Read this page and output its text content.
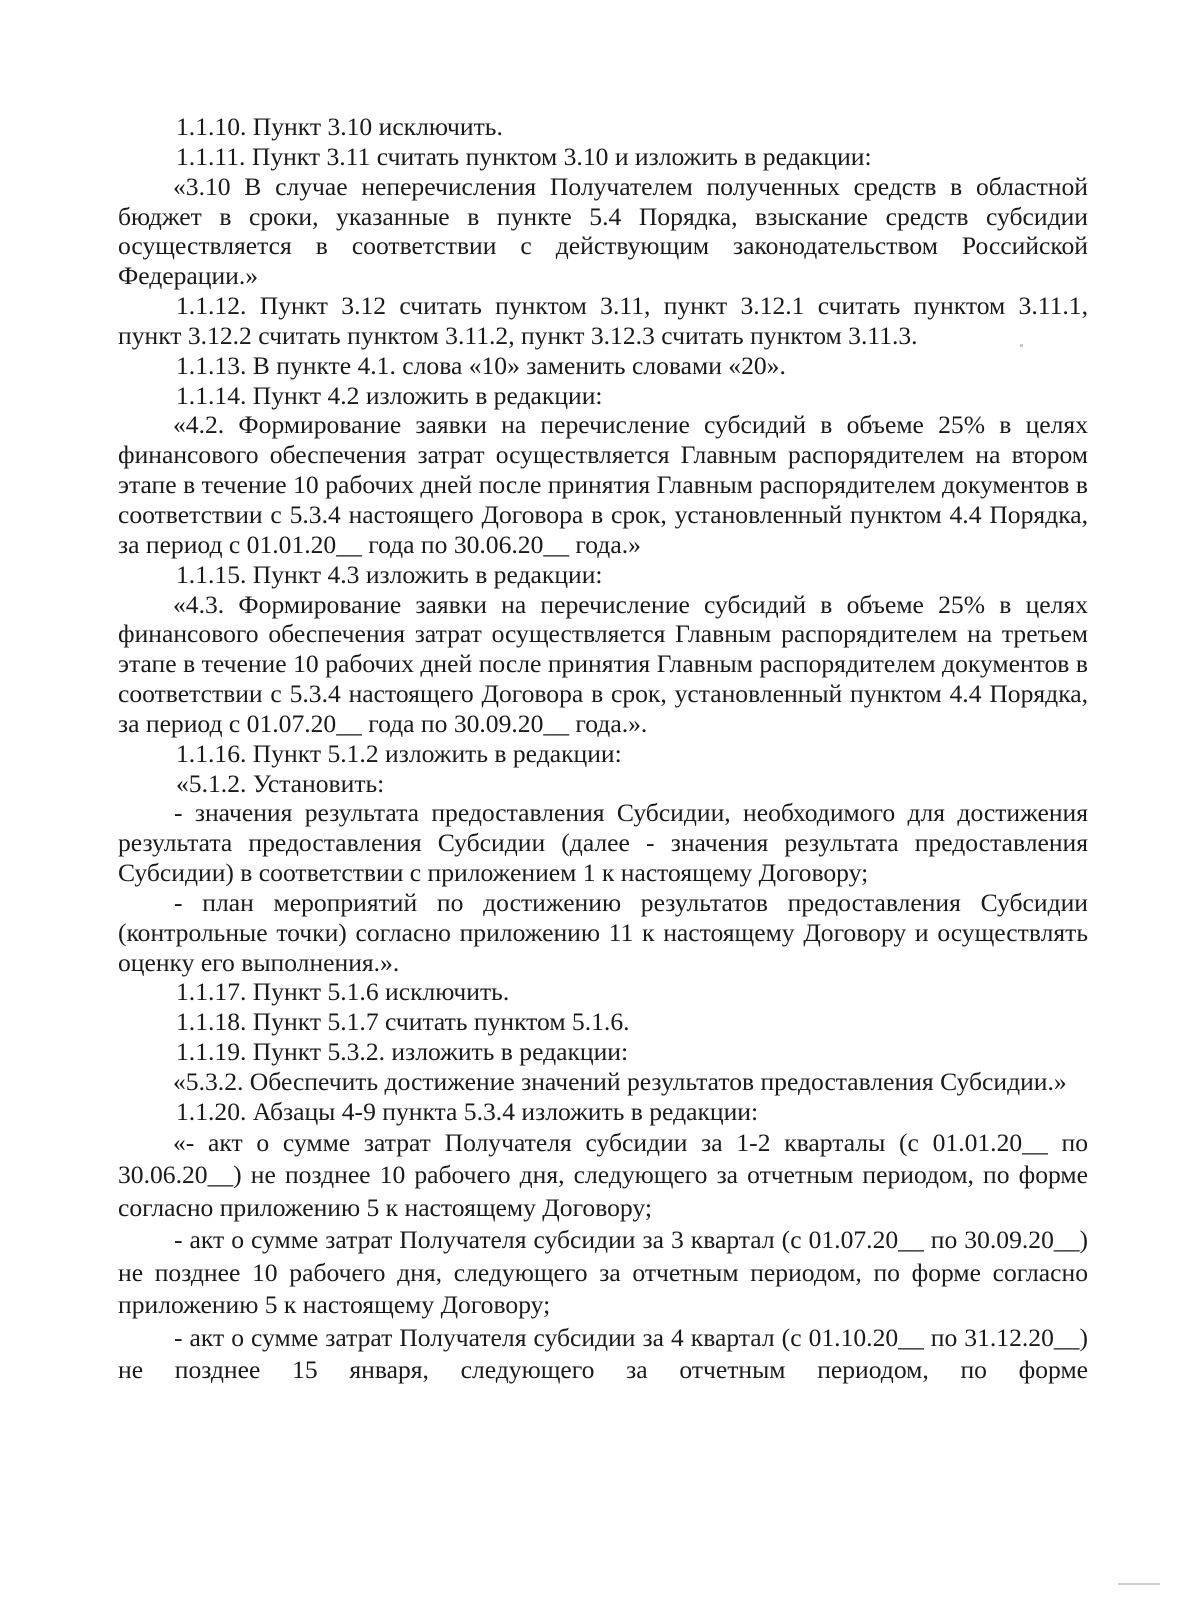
1.1.10. Пункт 3.10 исключить.

1.1.11. Пункт 3.11 считать пунктом 3.10 и изложить в редакции:

«3.10 В случае неперечисления Получателем полученных средств в областной бюджет в сроки, указанные в пункте 5.4 Порядка, взыскание средств субсидии осуществляется в соответствии с действующим законодательством Российской Федерации.»

1.1.12. Пункт 3.12 считать пунктом 3.11, пункт 3.12.1 считать пунктом 3.11.1, пункт 3.12.2 считать пунктом 3.11.2, пункт 3.12.3 считать пунктом 3.11.3.

1.1.13. В пункте 4.1. слова «10» заменить словами «20».

1.1.14. Пункт 4.2 изложить в редакции:

«4.2. Формирование заявки на перечисление субсидий в объеме 25% в целях финансового обеспечения затрат осуществляется Главным распорядителем на втором этапе в течение 10 рабочих дней после принятия Главным распорядителем документов в соответствии с 5.3.4 настоящего Договора в срок, установленный пунктом 4.4 Порядка, за период с 01.01.20__ года по 30.06.20__ года.»

1.1.15. Пункт 4.3 изложить в редакции:

«4.3. Формирование заявки на перечисление субсидий в объеме 25% в целях финансового обеспечения затрат осуществляется Главным распорядителем на третьем этапе в течение 10 рабочих дней после принятия Главным распорядителем документов в соответствии с 5.3.4 настоящего Договора в срок, установленный пунктом 4.4 Порядка, за период с 01.07.20__ года по 30.09.20__ года.».

1.1.16. Пункт 5.1.2 изложить в редакции:

«5.1.2. Установить:

- значения результата предоставления Субсидии, необходимого для достижения результата предоставления Субсидии (далее - значения результата предоставления Субсидии) в соответствии с приложением 1 к настоящему Договору;

- план мероприятий по достижению результатов предоставления Субсидии (контрольные точки) согласно приложению 11 к настоящему Договору и осуществлять оценку его выполнения.».

1.1.17. Пункт 5.1.6 исключить.

1.1.18. Пункт 5.1.7 считать пунктом 5.1.6.

1.1.19. Пункт 5.3.2. изложить в редакции:

«5.3.2. Обеспечить достижение значений результатов предоставления Субсидии.»

1.1.20. Абзацы 4-9 пункта 5.3.4 изложить в редакции:

«- акт о сумме затрат Получателя субсидии за 1-2 кварталы (с 01.01.20__ по 30.06.20__) не позднее 10 рабочего дня, следующего за отчетным периодом, по форме согласно приложению 5 к настоящему Договору;

- акт о сумме затрат Получателя субсидии за 3 квартал (с 01.07.20__ по 30.09.20__) не позднее 10 рабочего дня, следующего за отчетным периодом, по форме согласно приложению 5 к настоящему Договору;

- акт о сумме затрат Получателя субсидии за 4 квартал (с 01.10.20__ по 31.12.20__) не позднее 15 января, следующего за отчетным периодом, по форме
